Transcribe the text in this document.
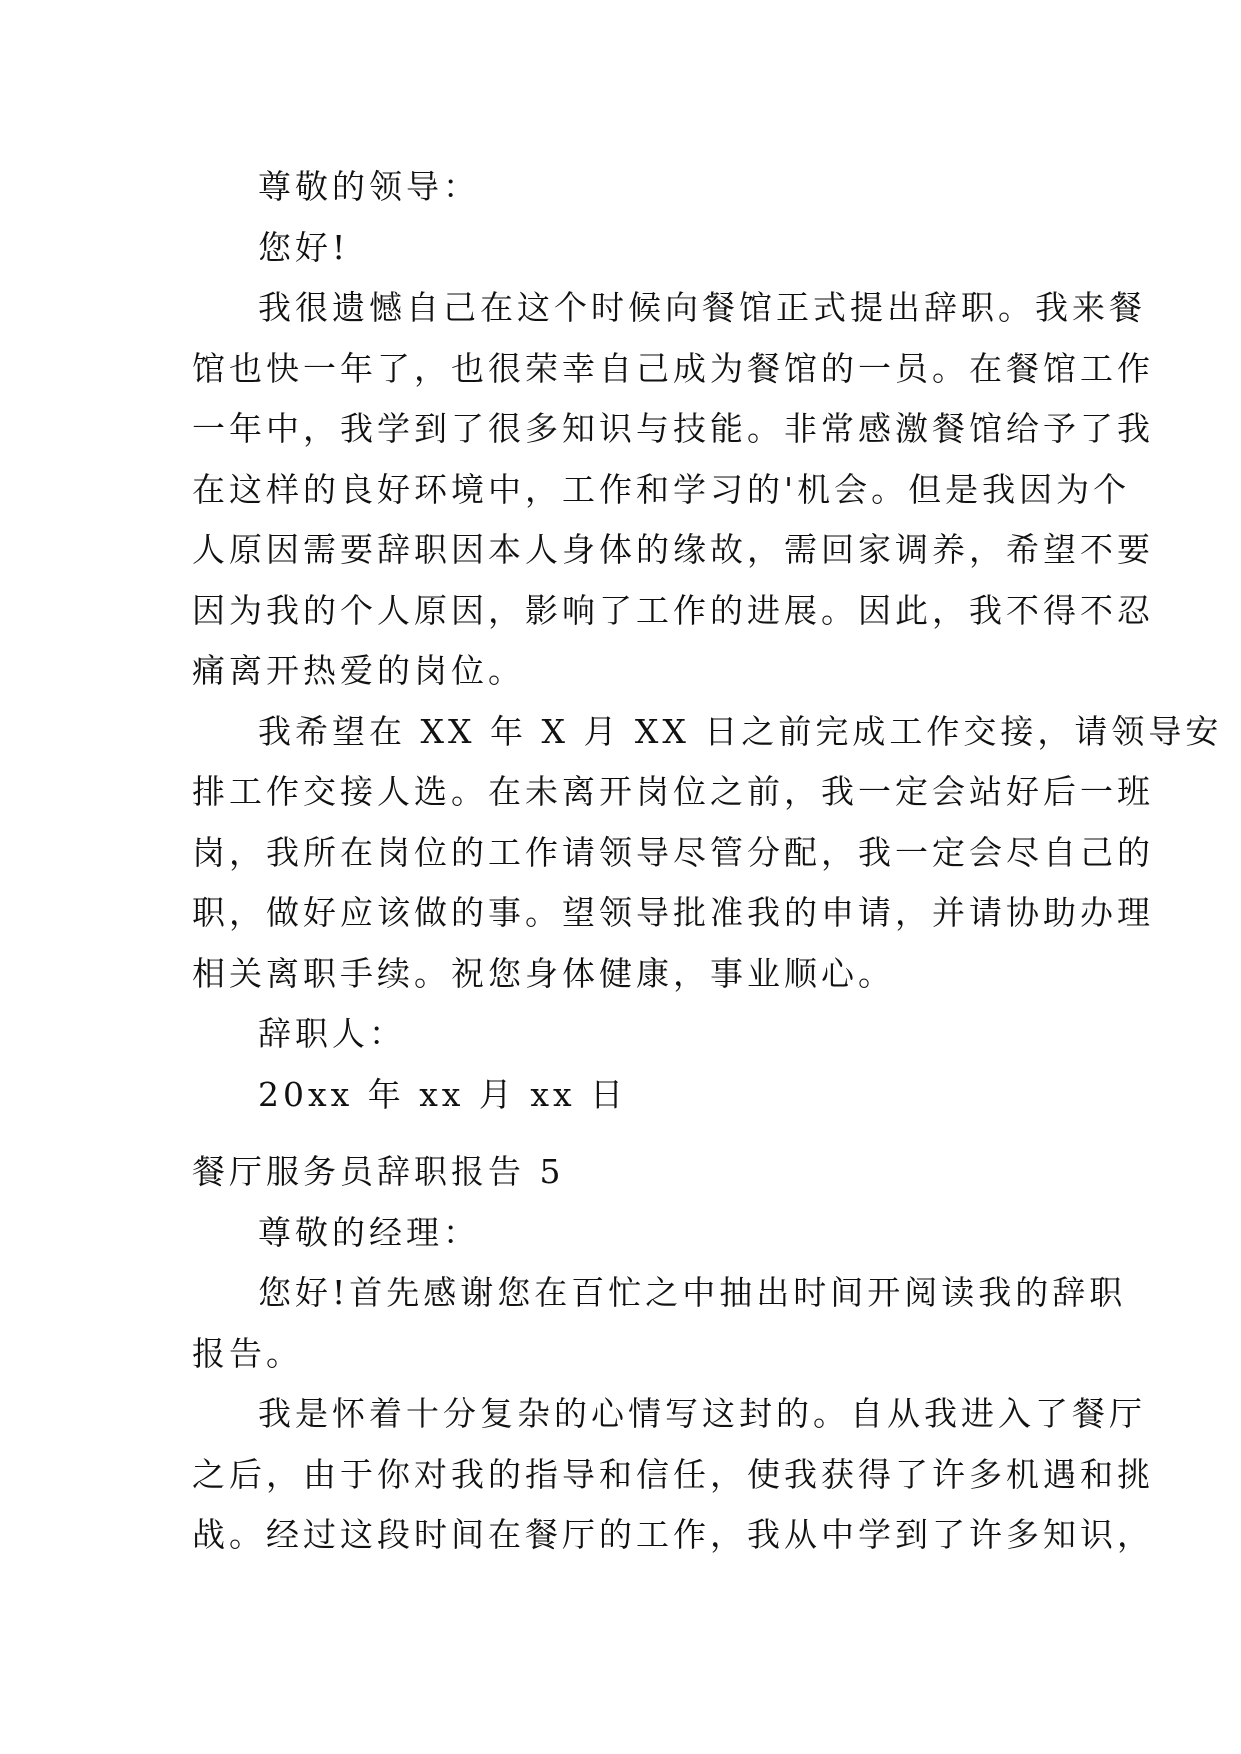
尊敬的领导：
您好!
我很遗憾自己在这个时候向餐馆正式提出辞职。我来餐
馆也快一年了，也很荣幸自己成为餐馆的一员。在餐馆工作
一年中，我学到了很多知识与技能。非常感激餐馆给予了我
在这样的良好环境中，工作和学习的'机会。但是我因为个
人原因需要辞职因本人身体的缘故，需回家调养，希望不要
因为我的个人原因，影响了工作的进展。因此，我不得不忍
痛离开热爱的岗位。
我希望在 XX 年 X 月 XX 日之前完成工作交接，请领导安
排工作交接人选。在未离开岗位之前，我一定会站好后一班
岗，我所在岗位的工作请领导尽管分配，我一定会尽自己的
职，做好应该做的事。望领导批准我的申请，并请协助办理
相关离职手续。祝您身体健康，事业顺心。
辞职人：
20xx 年 xx 月 xx 日
餐厅服务员辞职报告 5
尊敬的经理：
您好!首先感谢您在百忙之中抽出时间开阅读我的辞职
报告。
我是怀着十分复杂的心情写这封的。自从我进入了餐厅
之后，由于你对我的指导和信任，使我获得了许多机遇和挑
战。经过这段时间在餐厅的工作，我从中学到了许多知识，
